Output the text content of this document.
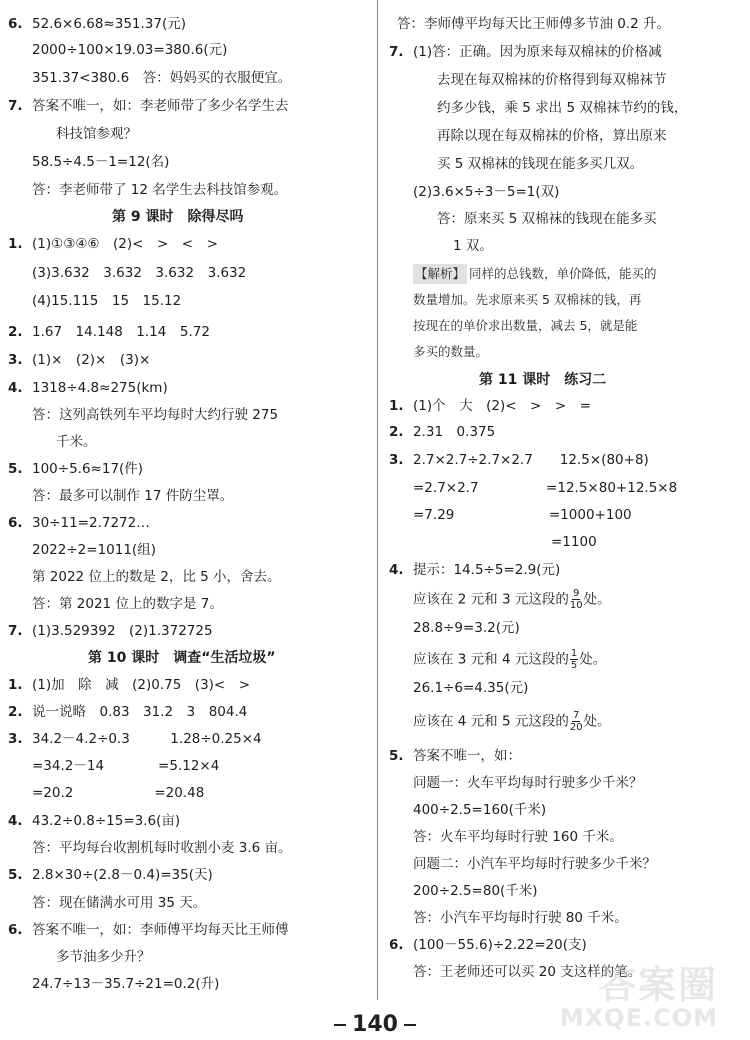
6. 52.6×6.68≈351.37(元)
2000÷100×19.03=380.6(元)
351.37<380.6　答：妈妈买的衣服便宜。
7. 答案不唯一，如：李老师带了多少名学生去
科技馆参观？
58.5÷4.5－1=12(名)
答：李老师带了 12 名学生去科技馆参观。
第 9 课时　除得尽吗
1. (1)①③④⑥　(2)<　>　<　>
(3)3.632　3.632　3.632　3.632
(4)15.115　15　15.12
2. 1.67　14.148　1.14　5.72
3. (1)×　(2)×　(3)×
4. 1318÷4.8≈275(km)
答：这列高铁列车平均每时大约行驶 275
千米。
5. 100÷5.6≈17(件)
答：最多可以制作 17 件防尘罩。
6. 30÷11=2.7272…
2022÷2=1011(组)
第 2022 位上的数是 2，比 5 小，舍去。
答：第 2021 位上的数字是 7。
7. (1)3.529392　(2)1.372725
第 10 课时　调查“生活垃圾”
1. (1)加　除　减　(2)0.75　(3)<　>
2. 说一说略　0.83　31.2　3　804.4
3. 34.2－4.2÷0.3　　　1.28÷0.25×4
=34.2－14　　　　=5.12×4
=20.2　　　　　　=20.48
4. 43.2÷0.8÷15=3.6(亩)
答：平均每台收割机每时收割小麦 3.6 亩。
5. 2.8×30÷(2.8－0.4)=35(天)
答：现在储满水可用 35 天。
6. 答案不唯一，如：李师傅平均每天比王师傅
多节油多少升？
24.7÷13－35.7÷21=0.2(升)
答：李师傅平均每天比王师傅多节油 0.2 升。
7. (1)答：正确。因为原来每双棉袜的价格减
去现在每双棉袜的价格得到每双棉袜节
约多少钱，乘 5 求出 5 双棉袜节约的钱，
再除以现在每双棉袜的价格，算出原来
买 5 双棉袜的钱现在能多买几双。
(2)3.6×5÷3－5=1(双)
答：原来买 5 双棉袜的钱现在能多买
1 双。
【解析】 同样的总钱数，单价降低，能买的
数量增加。先求原来买 5 双棉袜的钱，再
按现在的单价求出数量，减去 5，就是能
多买的数量。
第 11 课时　练习二
1. (1)个　大　(2)<　>　>　=
2. 2.31　0.375
3. 2.7×2.7÷2.7×2.7　　12.5×(80+8)
=2.7×2.7　　　　　=12.5×80+12.5×8
=7.29　　　　　　　=1000+100
=1100
4. 提示：14.5÷5=2.9(元)
应该在 2 元和 3 元这段的 $\frac{9}{10}$ 处。
28.8÷9=3.2(元)
应该在 3 元和 4 元这段的 $\frac{1}{5}$ 处。
26.1÷6=4.35(元)
应该在 4 元和 5 元这段的 $\frac{7}{20}$ 处。
5. 答案不唯一，如：
问题一：火车平均每时行驶多少千米？
400÷2.5=160(千米)
答：火车平均每时行驶 160 千米。
问题二：小汽车平均每时行驶多少千米？
200÷2.5=80(千米)
答：小汽车平均每时行驶 80 千米。
6. (100－55.6)÷2.22=20(支)
答：王老师还可以买 20 支这样的笔。
140
答案圈
MXQE.COM
